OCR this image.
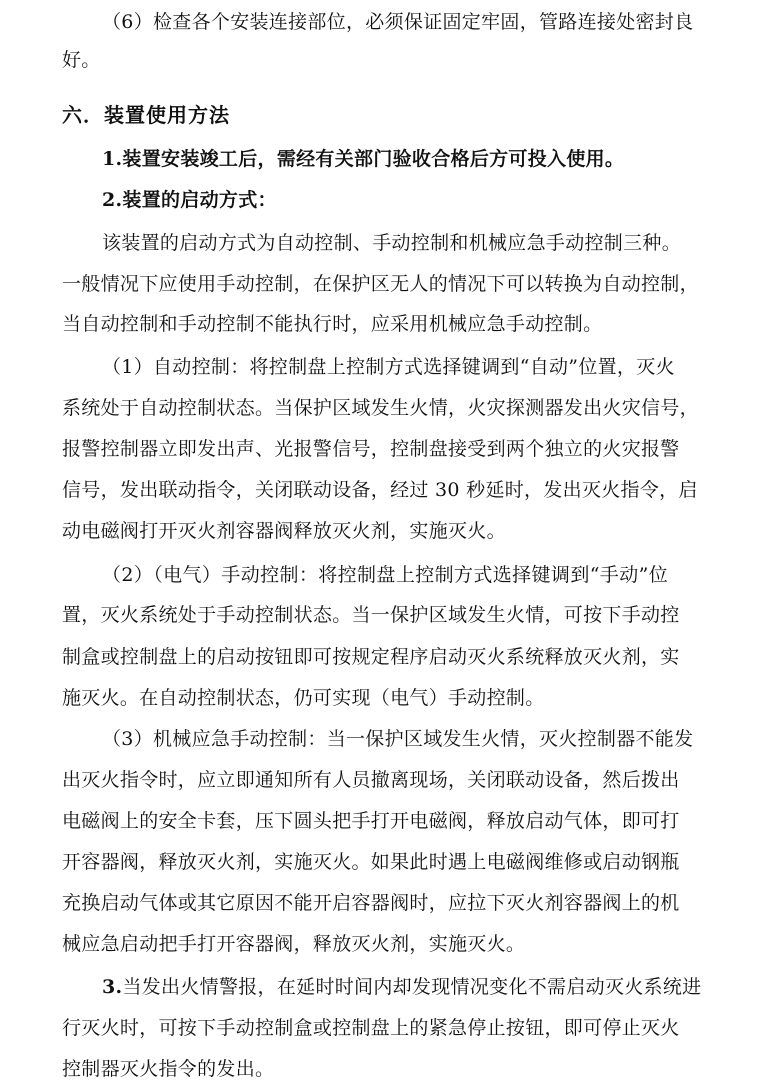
（6）检查各个安装连接部位，必须保证固定牢固，管路连接处密封良
好。
六．装置使用方法
1.装置安装竣工后，需经有关部门验收合格后方可投入使用。
2.装置的启动方式：
该装置的启动方式为自动控制、手动控制和机械应急手动控制三种。
一般情况下应使用手动控制，在保护区无人的情况下可以转换为自动控制，
当自动控制和手动控制不能执行时，应采用机械应急手动控制。
（1）自动控制：将控制盘上控制方式选择键调到“自动”位置，灭火
系统处于自动控制状态。当保护区域发生火情，火灾探测器发出火灾信号，
报警控制器立即发出声、光报警信号，控制盘接受到两个独立的火灾报警
信号，发出联动指令，关闭联动设备，经过 30 秒延时，发出灭火指令，启
动电磁阀打开灭火剂容器阀释放灭火剂，实施灭火。
（2）（电气）手动控制：将控制盘上控制方式选择键调到“手动”位
置，灭火系统处于手动控制状态。当一保护区域发生火情，可按下手动控
制盒或控制盘上的启动按钮即可按规定程序启动灭火系统释放灭火剂，实
施灭火。在自动控制状态，仍可实现（电气）手动控制。
（3）机械应急手动控制：当一保护区域发生火情，灭火控制器不能发
出灭火指令时，应立即通知所有人员撤离现场，关闭联动设备，然后拨出
电磁阀上的安全卡套，压下圆头把手打开电磁阀，释放启动气体，即可打
开容器阀，释放灭火剂，实施灭火。如果此时遇上电磁阀维修或启动钢瓶
充换启动气体或其它原因不能开启容器阀时，应拉下灭火剂容器阀上的机
械应急启动把手打开容器阀，释放灭火剂，实施灭火。
3.当发出火情警报，在延时时间内却发现情况变化不需启动灭火系统进
行灭火时，可按下手动控制盒或控制盘上的紧急停止按钮，即可停止灭火
控制器灭火指令的发出。
